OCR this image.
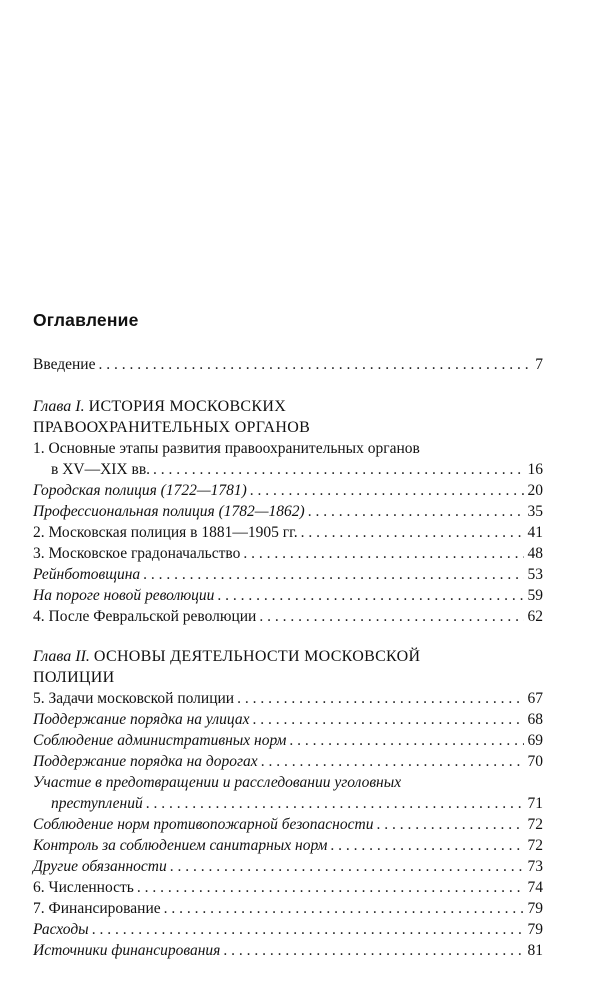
Оглавление
Введение . . .	7
Глава I. ИСТОРИЯ МОСКОВСКИХ
ПРАВООХРАНИТЕЛЬНЫХ ОРГАНОВ
1. Основные этапы развития правоохранительных органов
в XV—XIX вв. . . .	16
Городская полиция (1722—1781) . . .	20
Профессиональная полиция (1782—1862) . . .	35
2. Московская полиция в 1881—1905 гг. . . .	41
3. Московское градоначальство . . .	48
Рейнботовщина . . .	53
На пороге новой революции . . .	59
4. После Февральской революции . . .	62
Глава II. ОСНОВЫ ДЕЯТЕЛЬНОСТИ МОСКОВСКОЙ
ПОЛИЦИИ
5. Задачи московской полиции . . .	67
Поддержание порядка на улицах . . .	68
Соблюдение административных норм . . .	69
Поддержание порядка на дорогах . . .	70
Участие в предотвращении и расследовании уголовных
преступлений . . .	71
Соблюдение норм противопожарной безопасности . . .	72
Контроль за соблюдением санитарных норм . . .	72
Другие обязанности . . .	73
6. Численность . . .	74
7. Финансирование . . .	79
Расходы . . .	79
Источники финансирования . . .	81
